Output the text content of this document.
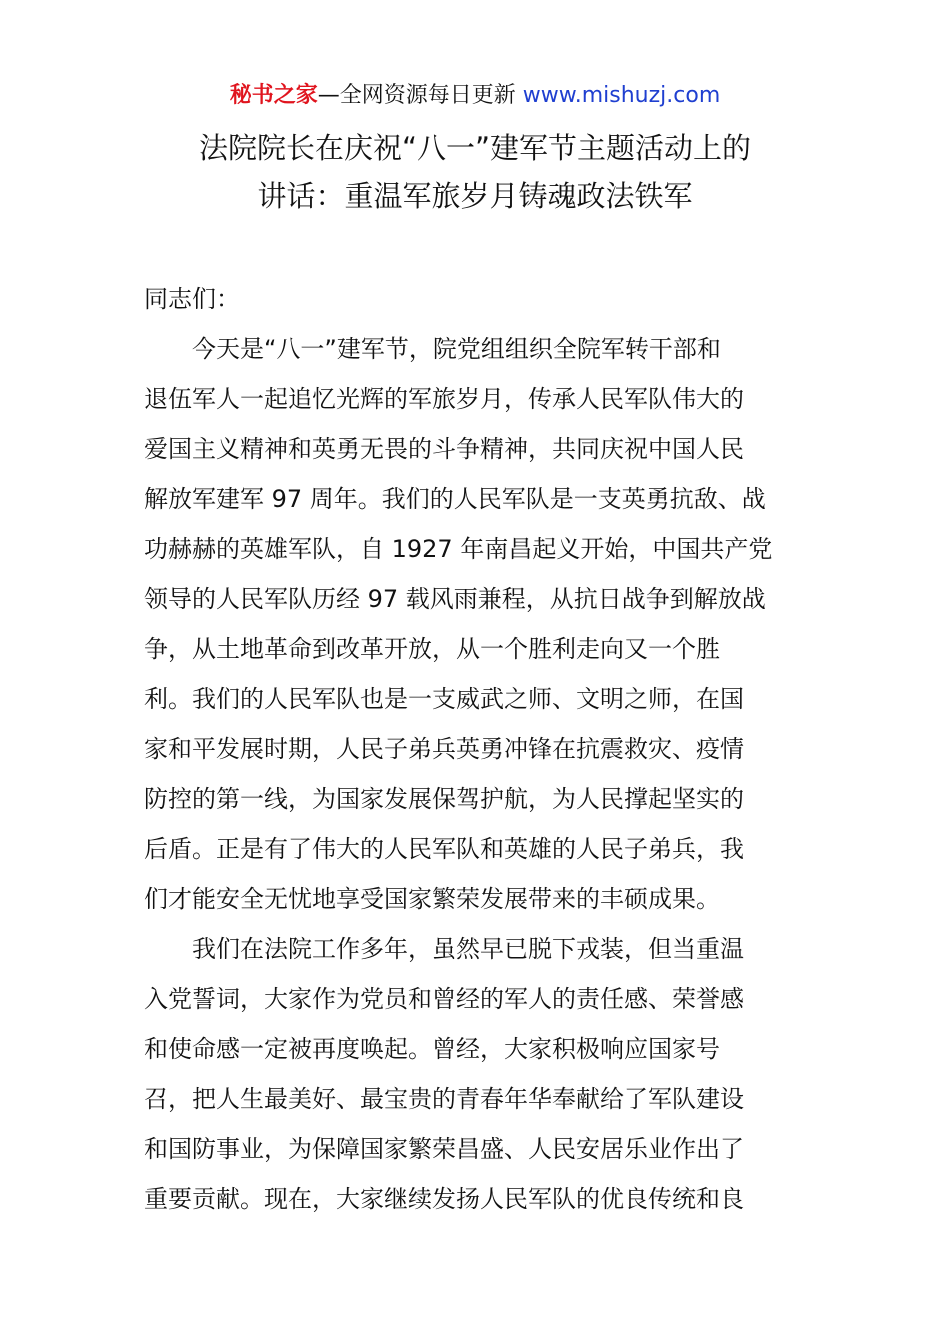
秘书之家—全网资源每日更新 www.mishuzj.com
法院院长在庆祝“八一”建军节主题活动上的
讲话：重温军旅岁月铸魂政法铁军
同志们：
　　今天是“八一”建军节，院党组组织全院军转干部和
退伍军人一起追忆光辉的军旅岁月，传承人民军队伟大的
爱国主义精神和英勇无畏的斗争精神，共同庆祝中国人民
解放军建军 97 周年。我们的人民军队是一支英勇抗敌、战
功赫赫的英雄军队，自 1927 年南昌起义开始，中国共产党
领导的人民军队历经 97 载风雨兼程，从抗日战争到解放战
争，从土地革命到改革开放，从一个胜利走向又一个胜
利。我们的人民军队也是一支威武之师、文明之师，在国
家和平发展时期，人民子弟兵英勇冲锋在抗震救灾、疫情
防控的第一线，为国家发展保驾护航，为人民撑起坚实的
后盾。正是有了伟大的人民军队和英雄的人民子弟兵，我
们才能安全无忧地享受国家繁荣发展带来的丰硕成果。
　　我们在法院工作多年，虽然早已脱下戎装，但当重温
入党誓词，大家作为党员和曾经的军人的责任感、荣誉感
和使命感一定被再度唤起。曾经，大家积极响应国家号
召，把人生最美好、最宝贵的青春年华奉献给了军队建设
和国防事业，为保障国家繁荣昌盛、人民安居乐业作出了
重要贡献。现在，大家继续发扬人民军队的优良传统和良
